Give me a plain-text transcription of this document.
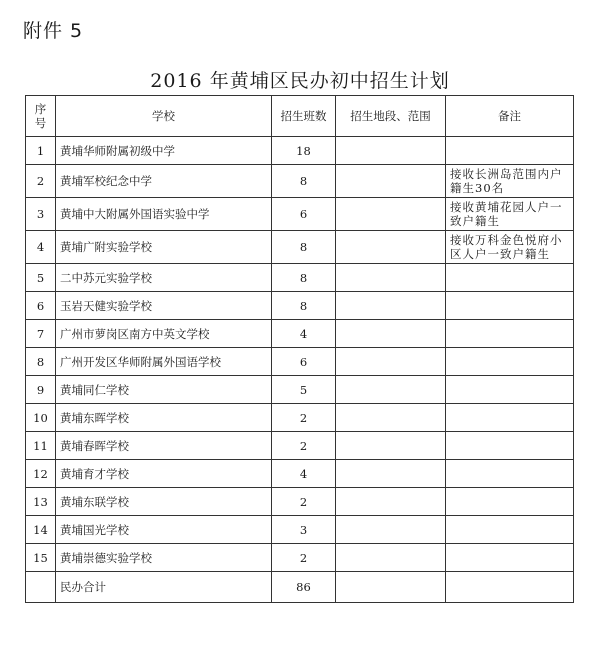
附件 5
2016 年黄埔区民办初中招生计划
序
号	学校	招生班数	招生地段、范围	备注
1	黄埔华师附属初级中学	18		
2	黄埔军校纪念中学	8		接收长洲岛范围内户籍生30名
3	黄埔中大附属外国语实验中学	6		接收黄埔花园人户一致户籍生
4	黄埔广附实验学校	8		接收万科金色悦府小区人户一致户籍生
5	二中苏元实验学校	8		
6	玉岩天健实验学校	8		
7	广州市萝岗区南方中英文学校	4		
8	广州开发区华师附属外国语学校	6		
9	黄埔同仁学校	5		
10	黄埔东晖学校	2		
11	黄埔春晖学校	2		
12	黄埔育才学校	4		
13	黄埔东联学校	2		
14	黄埔国光学校	3		
15	黄埔崇德实验学校	2		
	民办合计	86		
